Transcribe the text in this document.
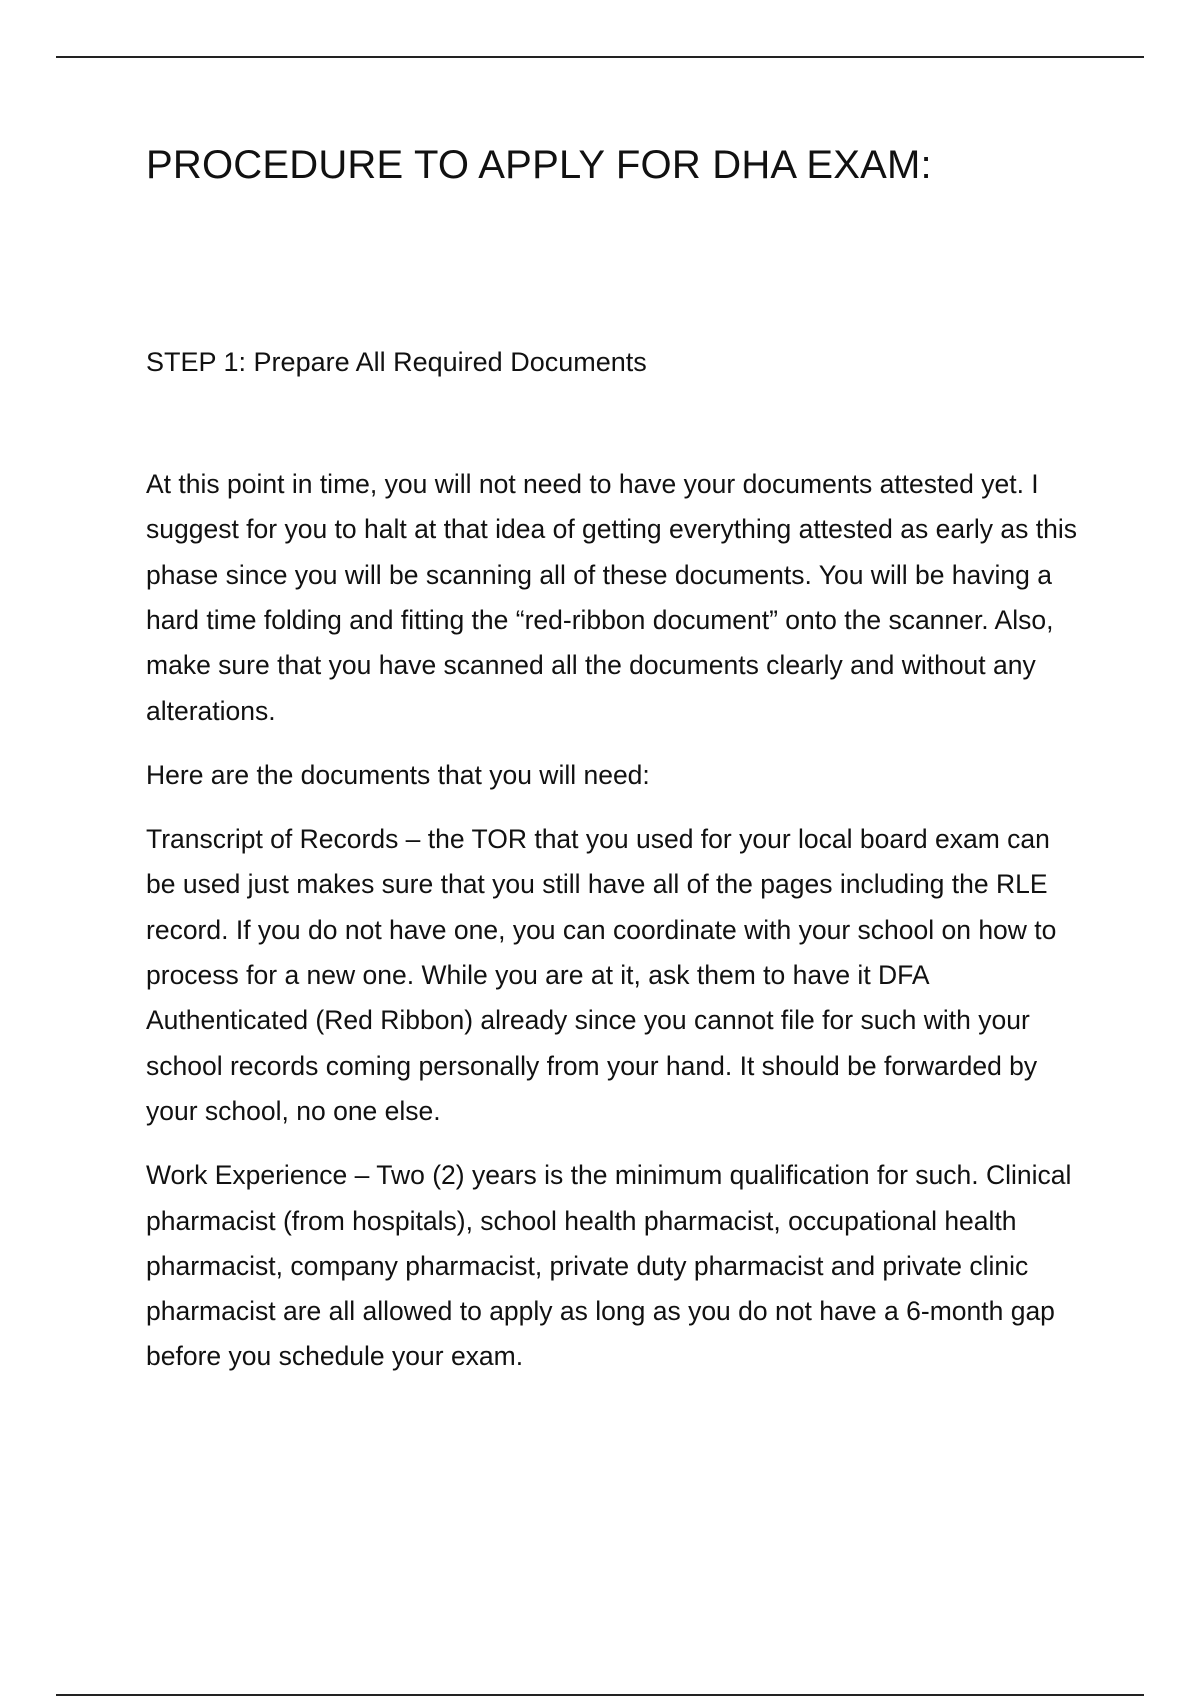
PROCEDURE TO APPLY FOR DHA EXAM:
STEP 1: Prepare All Required Documents

At this point in time, you will not need to have your documents attested yet. I suggest for you to halt at that idea of getting everything attested as early as this phase since you will be scanning all of these documents. You will be having a hard time folding and fitting the “red-ribbon document” onto the scanner. Also, make sure that you have scanned all the documents clearly and without any alterations.

Here are the documents that you will need:

Transcript of Records – the TOR that you used for your local board exam can be used just makes sure that you still have all of the pages including the RLE record. If you do not have one, you can coordinate with your school on how to process for a new one. While you are at it, ask them to have it DFA Authenticated (Red Ribbon) already since you cannot file for such with your school records coming personally from your hand. It should be forwarded by your school, no one else.

Work Experience – Two (2) years is the minimum qualification for such. Clinical pharmacist (from hospitals), school health pharmacist, occupational health pharmacist, company pharmacist, private duty pharmacist and private clinic pharmacist are all allowed to apply as long as you do not have a 6-month gap before you schedule your exam.
